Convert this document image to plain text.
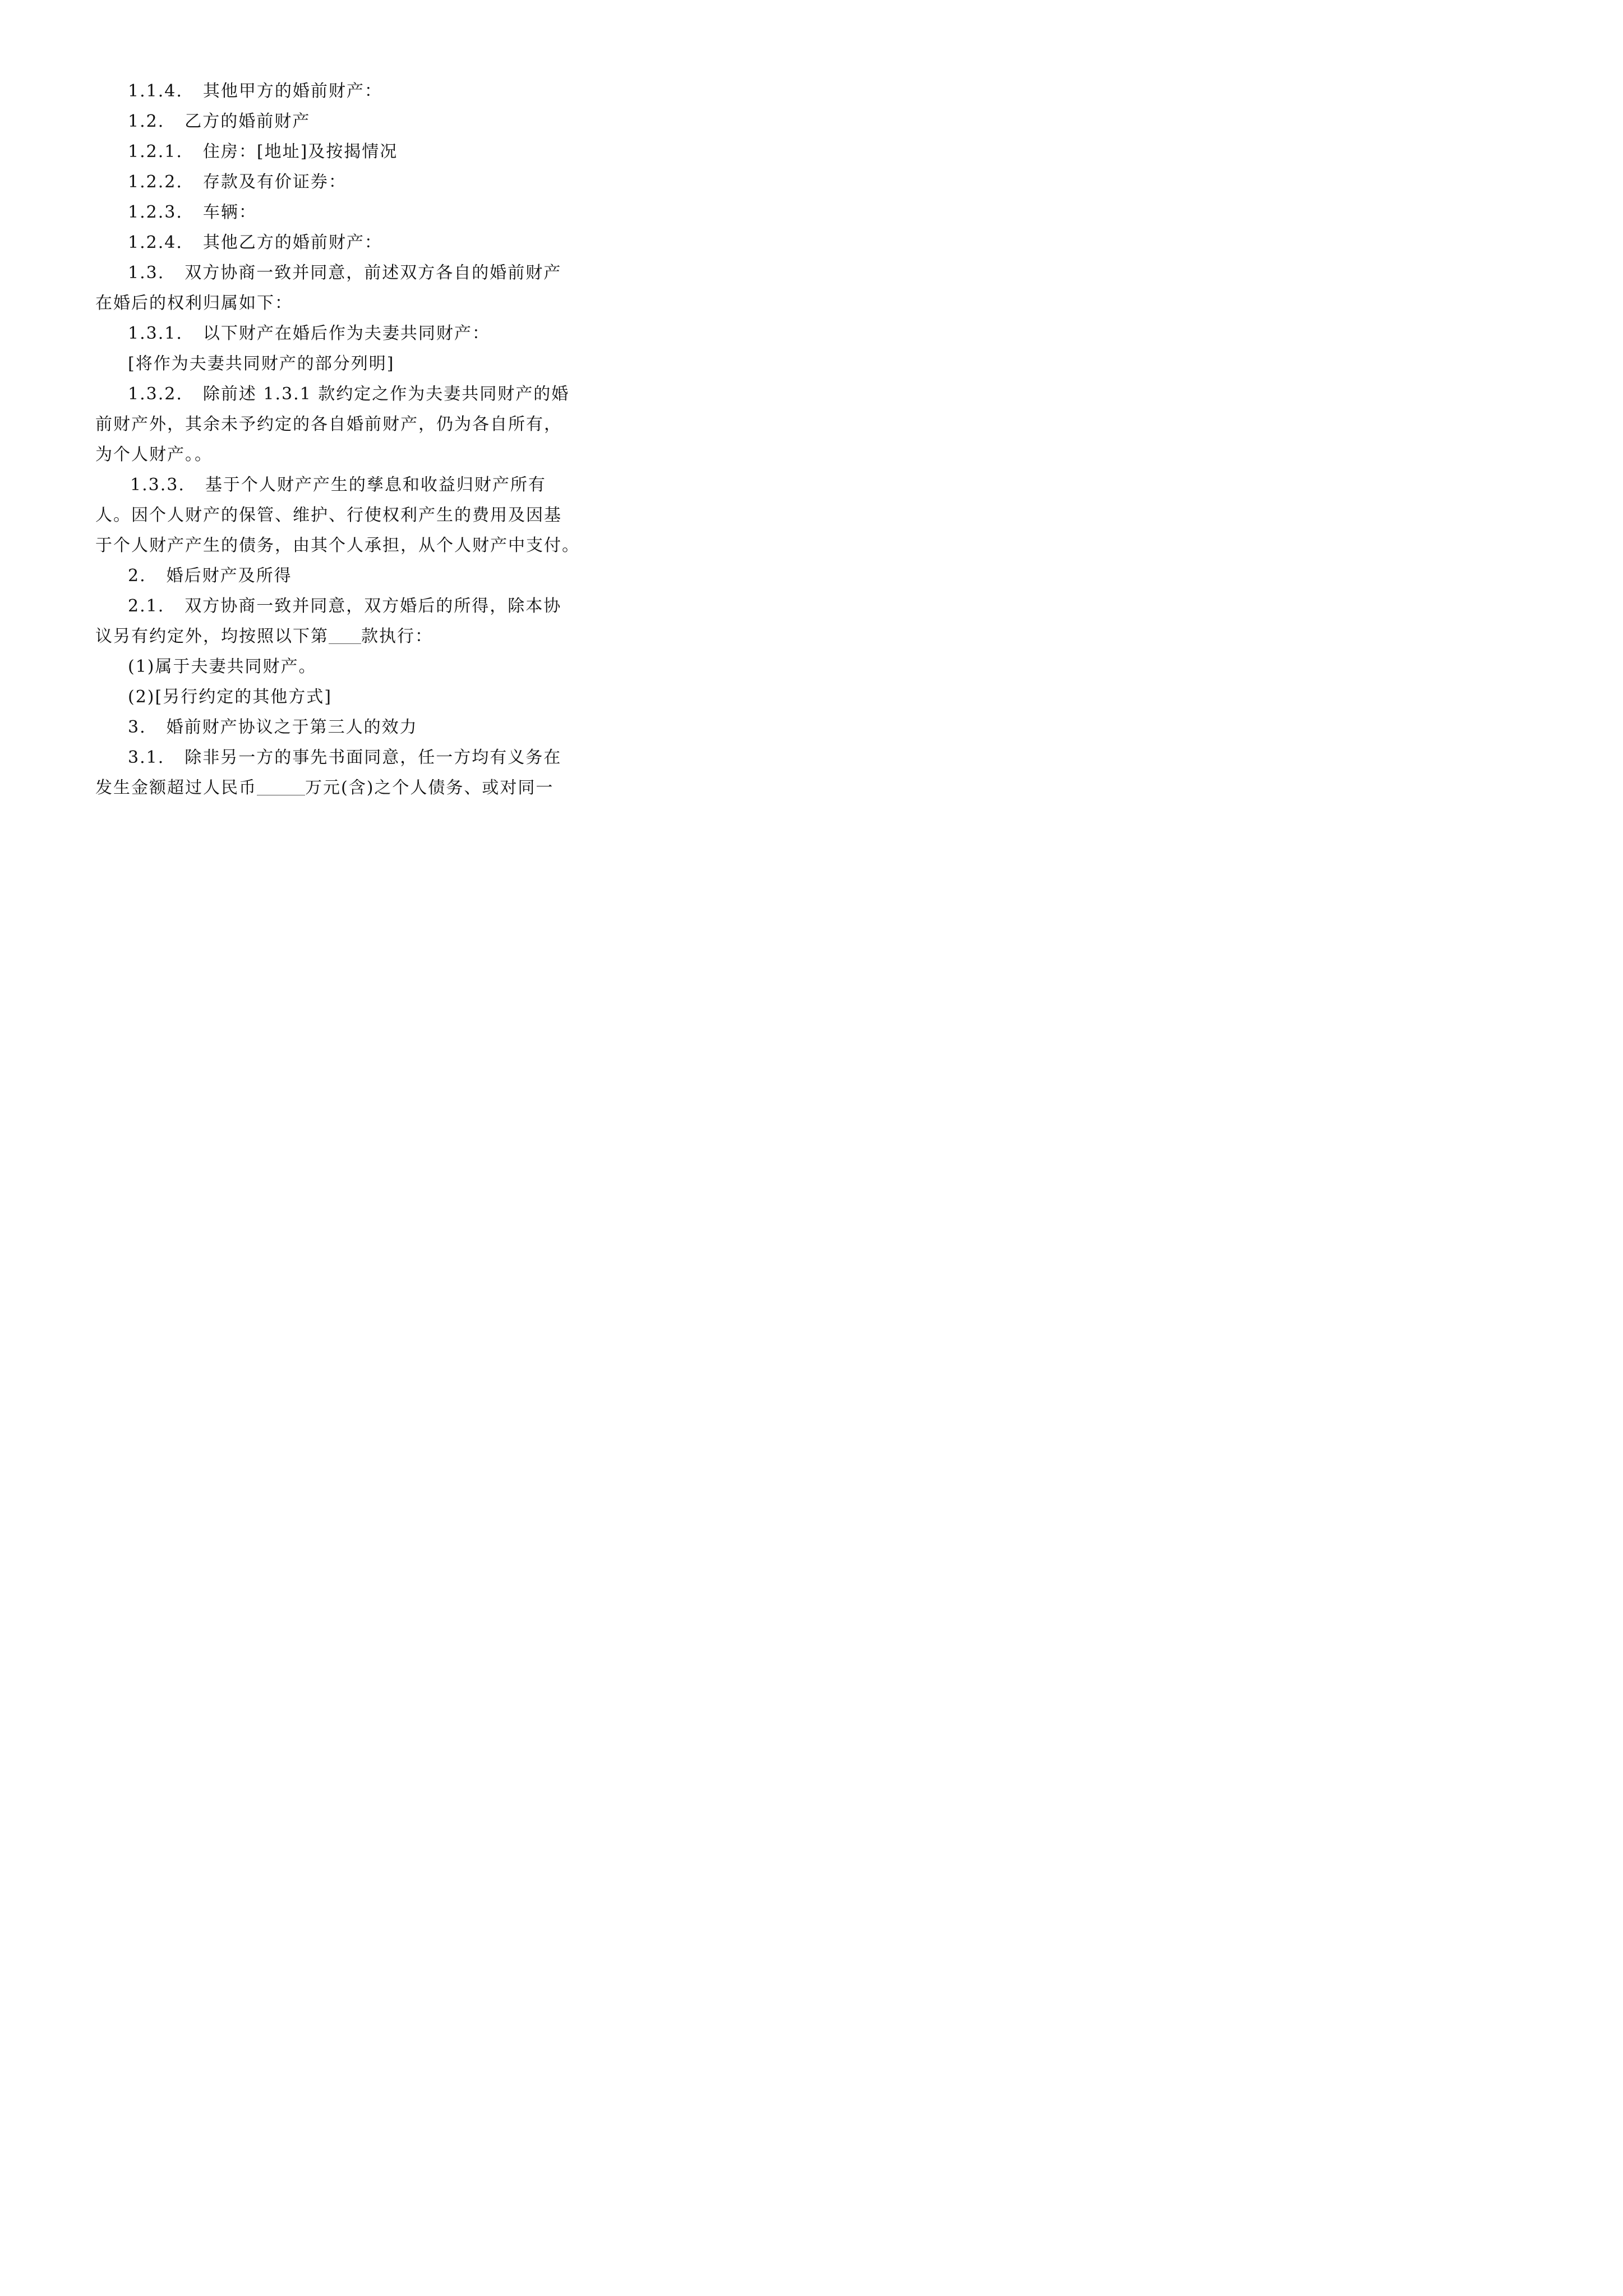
1.1.4. 其他甲方的婚前财产：
1.2. 乙方的婚前财产
1.2.1. 住房：[地址]及按揭情况
1.2.2. 存款及有价证券：
1.2.3. 车辆：
1.2.4. 其他乙方的婚前财产：
1.3. 双方协商一致并同意，前述双方各自的婚前财产
在婚后的权利归属如下：
1.3.1. 以下财产在婚后作为夫妻共同财产：
[将作为夫妻共同财产的部分列明]
1.3.2. 除前述 1.3.1 款约定之作为夫妻共同财产的婚
前财产外，其余未予约定的各自婚前财产，仍为各自所有，
为个人财产。。
1.3.3. 基于个人财产产生的孳息和收益归财产所有
人。因个人财产的保管、维护、行使权利产生的费用及因基
于个人财产产生的债务，由其个人承担，从个人财产中支付。
2. 婚后财产及所得
2.1. 双方协商一致并同意，双方婚后的所得，除本协
议另有约定外，均按照以下第 款执行：
(1)属于夫妻共同财产。
(2)[另行约定的其他方式]
3. 婚前财产协议之于第三人的效力
3.1. 除非另一方的事先书面同意，任一方均有义务在
发生金额超过人民币	万元(含)之个人债务、或对同一
